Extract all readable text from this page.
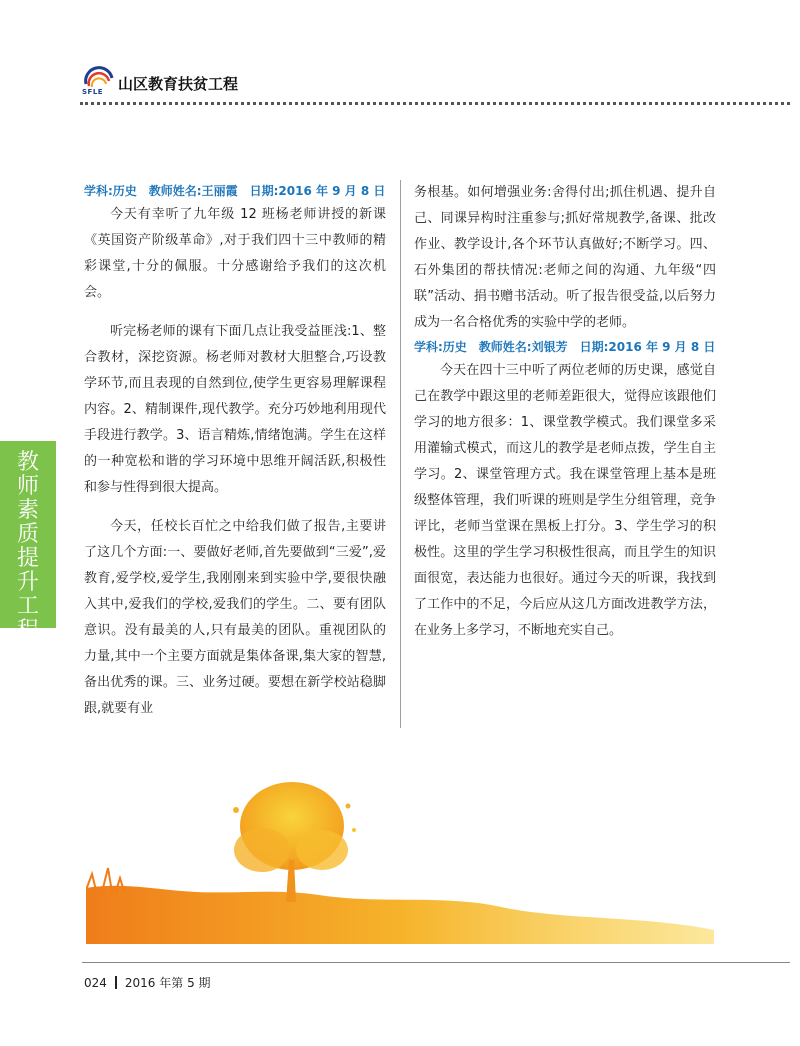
SFLE 山区教育扶贫工程
教
师
素
质
提
升
工
程
学科:历史　教师姓名:王丽霞　日期:2016 年 9 月 8 日

今天有幸听了九年级 12 班杨老师讲授的新课《英国资产阶级革命》,对于我们四十三中教师的精彩课堂,十分的佩服。十分感谢给予我们的这次机会。

听完杨老师的课有下面几点让我受益匪浅:1、整合教材，深挖资源。杨老师对教材大胆整合,巧设教学环节,而且表现的自然到位,使学生更容易理解课程内容。2、精制课件,现代教学。充分巧妙地利用现代手段进行教学。3、语言精炼,情绪饱满。学生在这样的一种宽松和谐的学习环境中思维开阔活跃,积极性和参与性得到很大提高。

今天，任校长百忙之中给我们做了报告,主要讲了这几个方面:一、要做好老师,首先要做到“三爱”,爱教育,爱学校,爱学生,我刚刚来到实验中学,要很快融入其中,爱我们的学校,爱我们的学生。二、要有团队意识。没有最美的人,只有最美的团队。重视团队的力量,其中一个主要方面就是集体备课,集大家的智慧,备出优秀的课。三、业务过硬。要想在新学校站稳脚跟,就要有业

务根基。如何增强业务:舍得付出;抓住机遇、提升自己、同课异构时注重参与;抓好常规教学,备课、批改作业、教学设计,各个环节认真做好;不断学习。四、石外集团的帮扶情况:老师之间的沟通、九年级“四联”活动、捐书赠书活动。听了报告很受益,以后努力成为一名合格优秀的实验中学的老师。

学科:历史　教师姓名:刘银芳　日期:2016 年 9 月 8 日

今天在四十三中听了两位老师的历史课，感觉自己在教学中跟这里的老师差距很大，觉得应该跟他们学习的地方很多：1、课堂教学模式。我们课堂多采用灌输式模式，而这儿的教学是老师点拨，学生自主学习。2、课堂管理方式。我在课堂管理上基本是班级整体管理，我们听课的班则是学生分组管理，竞争评比，老师当堂课在黑板上打分。3、学生学习的积极性。这里的学生学习积极性很高，而且学生的知识面很宽，表达能力也很好。通过今天的听课，我找到了工作中的不足，今后应从这几方面改进教学方法，在业务上多学习，不断地充实自己。

024 2016 年第 5 期
